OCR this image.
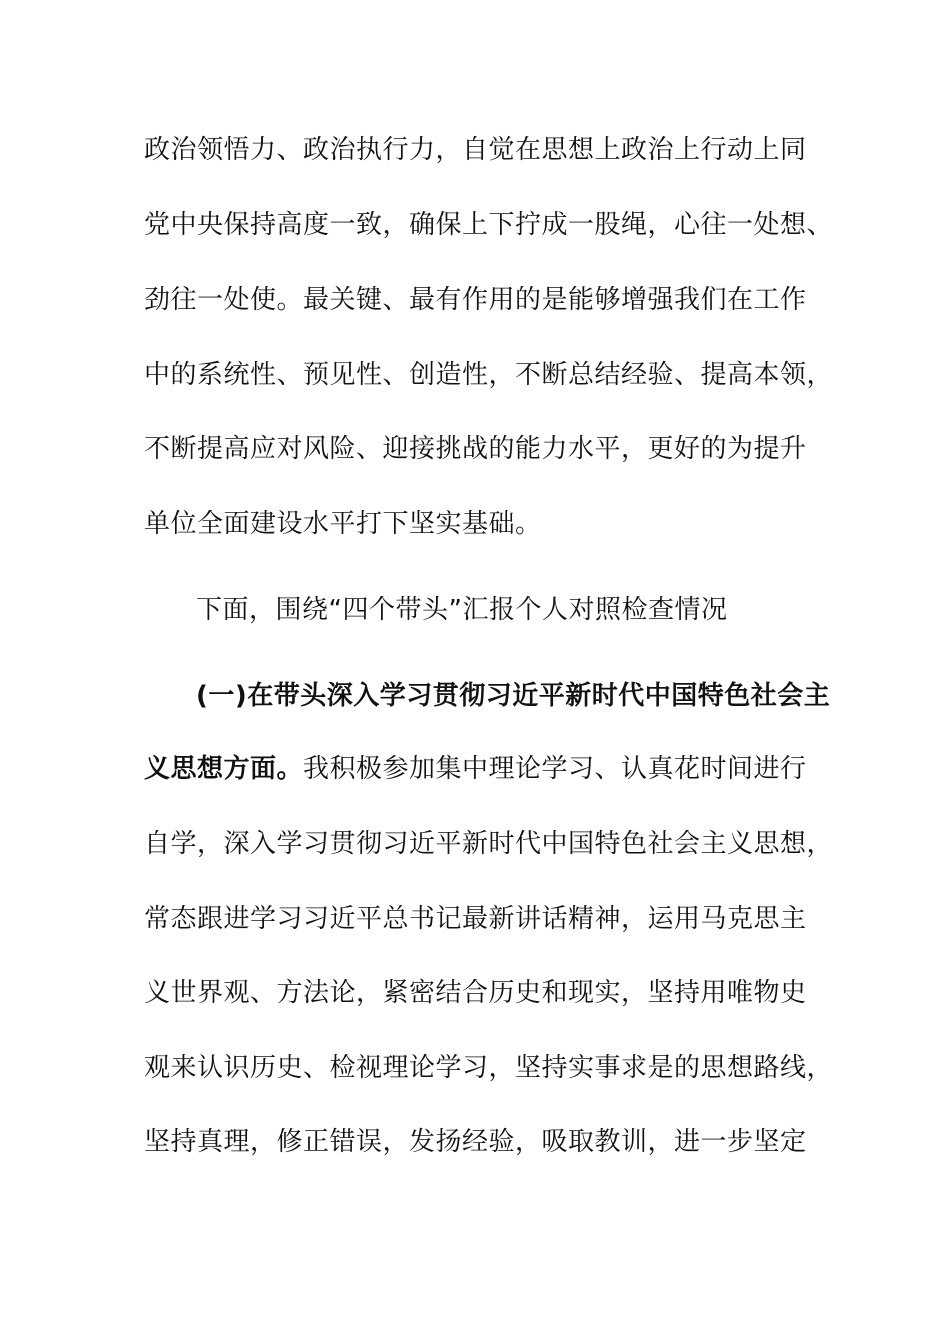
政治领悟力、政治执行力，自觉在思想上政治上行动上同
党中央保持高度一致，确保上下拧成一股绳，心往一处想、
劲往一处使。最关键、最有作用的是能够增强我们在工作
中的系统性、预见性、创造性，不断总结经验、提高本领，
不断提高应对风险、迎接挑战的能力水平，更好的为提升
单位全面建设水平打下坚实基础。
下面，围绕“四个带头”汇报个人对照检查情况
(一)在带头深入学习贯彻习近平新时代中国特色社会主
义思想方面。我积极参加集中理论学习、认真花时间进行
自学，深入学习贯彻习近平新时代中国特色社会主义思想，
常态跟进学习习近平总书记最新讲话精神，运用马克思主
义世界观、方法论，紧密结合历史和现实，坚持用唯物史
观来认识历史、检视理论学习，坚持实事求是的思想路线，
坚持真理，修正错误，发扬经验，吸取教训，进一步坚定
